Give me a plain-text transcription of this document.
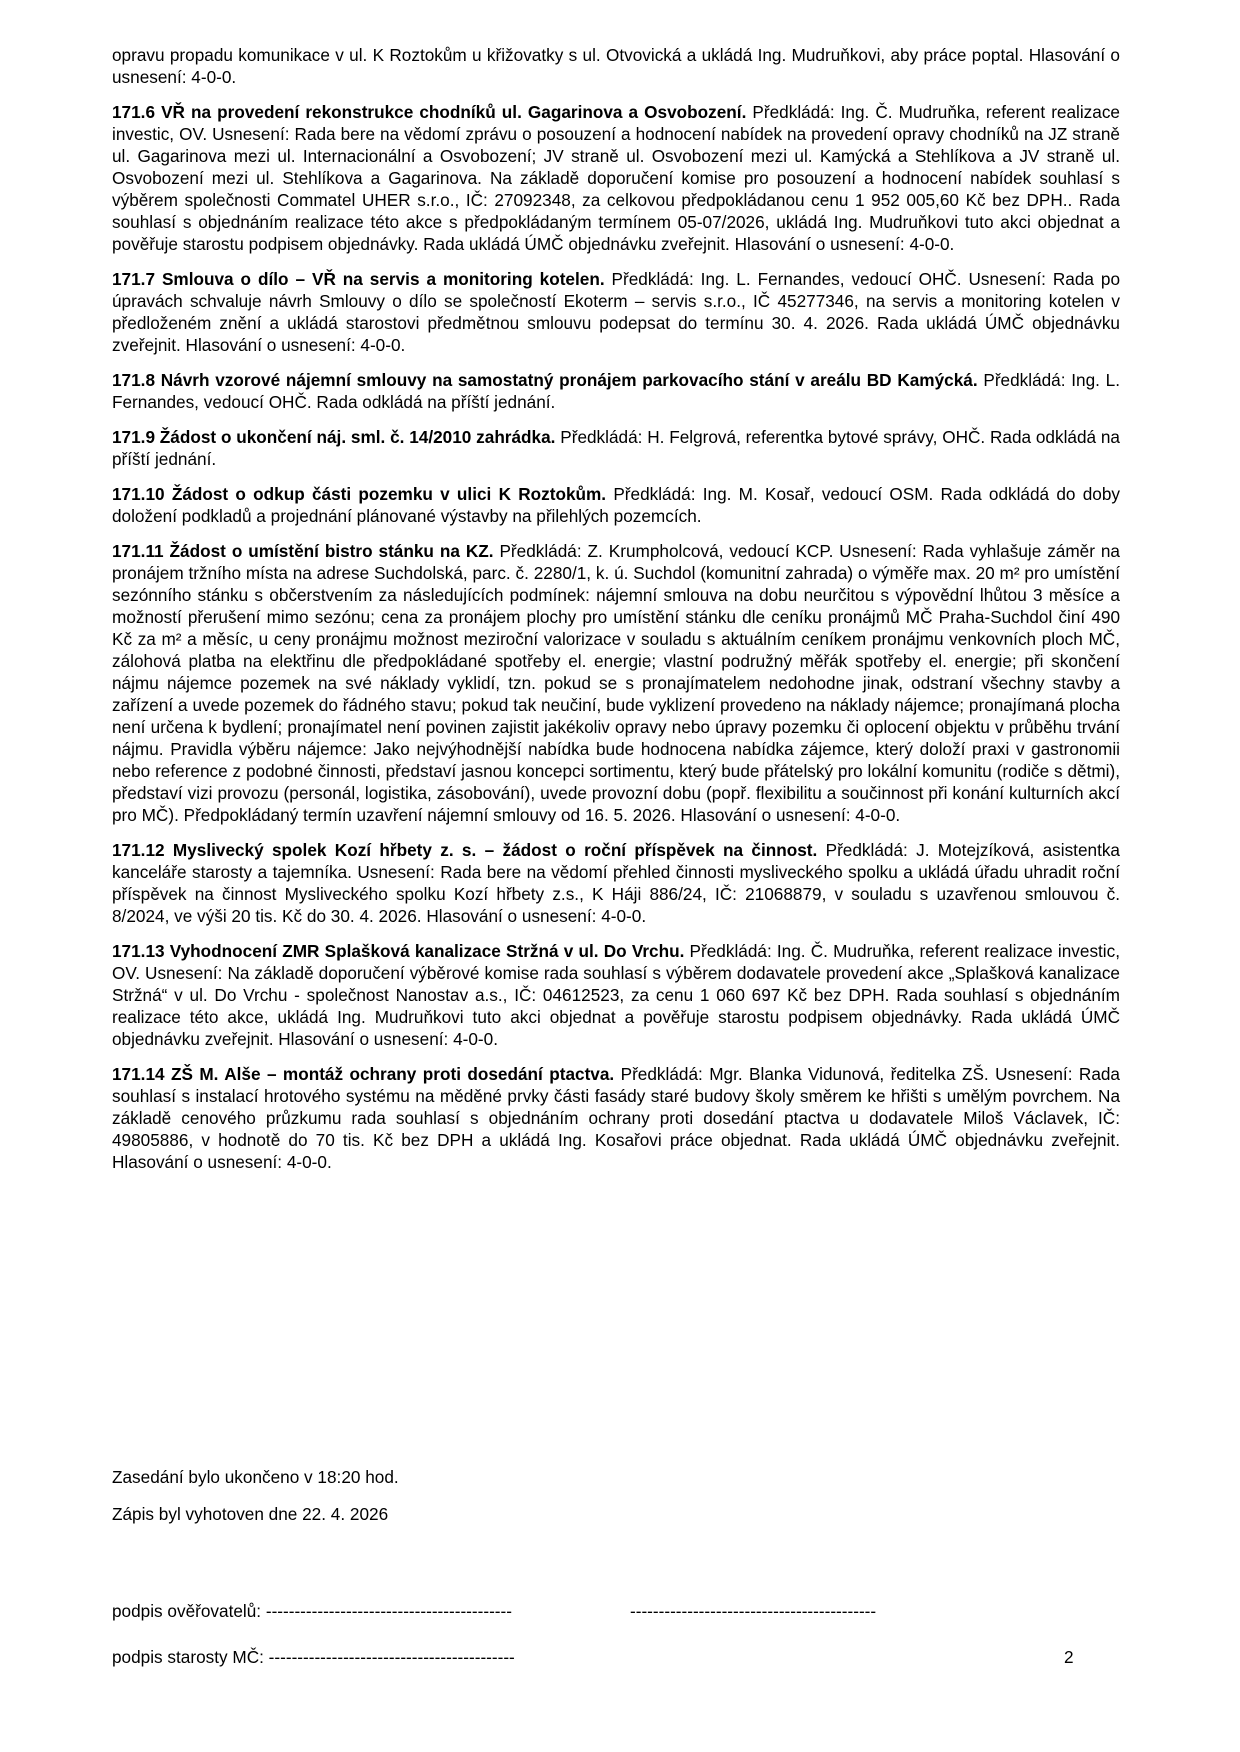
opravu propadu komunikace v ul. K Roztokům u křižovatky s ul. Otvovická a ukládá Ing. Mudruňkovi, aby práce poptal. Hlasování o usnesení: 4-0-0.

171.6 VŘ na provedení rekonstrukce chodníků ul. Gagarinova a Osvobození. Předkládá: Ing. Č. Mudruňka, referent realizace investic, OV. Usnesení: Rada bere na vědomí zprávu o posouzení a hodnocení nabídek na provedení opravy chodníků na JZ straně ul. Gagarinova mezi ul. Internacionální a Osvobození; JV straně ul. Osvobození mezi ul. Kamýcká a Stehlíkova a JV straně ul. Osvobození mezi ul. Stehlíkova a Gagarinova. Na základě doporučení komise pro posouzení a hodnocení nabídek souhlasí s výběrem společnosti Commatel UHER s.r.o., IČ: 27092348, za celkovou předpokládanou cenu 1 952 005,60 Kč bez DPH.. Rada souhlasí s objednáním realizace této akce s předpokládaným termínem 05-07/2026, ukládá Ing. Mudruňkovi tuto akci objednat a pověřuje starostu podpisem objednávky. Rada ukládá ÚMČ objednávku zveřejnit. Hlasování o usnesení: 4-0-0.

171.7 Smlouva o dílo – VŘ na servis a monitoring kotelen. Předkládá: Ing. L. Fernandes, vedoucí OHČ. Usnesení: Rada po úpravách schvaluje návrh Smlouvy o dílo se společností Ekoterm – servis s.r.o., IČ 45277346, na servis a monitoring kotelen v předloženém znění a ukládá starostovi předmětnou smlouvu podepsat do termínu 30. 4. 2026. Rada ukládá ÚMČ objednávku zveřejnit. Hlasování o usnesení: 4-0-0.

171.8 Návrh vzorové nájemní smlouvy na samostatný pronájem parkovacího stání v areálu BD Kamýcká. Předkládá: Ing. L. Fernandes, vedoucí OHČ. Rada odkládá na příští jednání.

171.9 Žádost o ukončení náj. sml. č. 14/2010 zahrádka. Předkládá: H. Felgrová, referentka bytové správy, OHČ. Rada odkládá na příští jednání.

171.10 Žádost o odkup části pozemku v ulici K Roztokům. Předkládá: Ing. M. Kosař, vedoucí OSM. Rada odkládá do doby doložení podkladů a projednání plánované výstavby na přilehlých pozemcích.

171.11 Žádost o umístění bistro stánku na KZ. Předkládá: Z. Krumpholcová, vedoucí KCP. Usnesení: Rada vyhlašuje záměr na pronájem tržního místa na adrese Suchdolská, parc. č. 2280/1, k. ú. Suchdol (komunitní zahrada) o výměře max. 20 m² pro umístění sezónního stánku s občerstvením za následujících podmínek: nájemní smlouva na dobu neurčitou s výpovědní lhůtou 3 měsíce a možností přerušení mimo sezónu; cena za pronájem plochy pro umístění stánku dle ceníku pronájmů MČ Praha-Suchdol činí 490 Kč za m² a měsíc, u ceny pronájmu možnost meziroční valorizace v souladu s aktuálním ceníkem pronájmu venkovních ploch MČ, zálohová platba na elektřinu dle předpokládané spotřeby el. energie; vlastní podružný měřák spotřeby el. energie; při skončení nájmu nájemce pozemek na své náklady vyklidí, tzn. pokud se s pronajímatelem nedohodne jinak, odstraní všechny stavby a zařízení a uvede pozemek do řádného stavu; pokud tak neučiní, bude vyklizení provedeno na náklady nájemce; pronajímaná plocha není určena k bydlení; pronajímatel není povinen zajistit jakékoliv opravy nebo úpravy pozemku či oplocení objektu v průběhu trvání nájmu. Pravidla výběru nájemce: Jako nejvýhodnější nabídka bude hodnocena nabídka zájemce, který doloží praxi v gastronomii nebo reference z podobné činnosti, představí jasnou koncepci sortimentu, který bude přátelský pro lokální komunitu (rodiče s dětmi), představí vizi provozu (personál, logistika, zásobování), uvede provozní dobu (popř. flexibilitu a součinnost při konání kulturních akcí pro MČ). Předpokládaný termín uzavření nájemní smlouvy od 16. 5. 2026. Hlasování o usnesení: 4-0-0.

171.12 Myslivecký spolek Kozí hřbety z. s. – žádost o roční příspěvek na činnost. Předkládá: J. Motejzíková, asistentka kanceláře starosty a tajemníka. Usnesení: Rada bere na vědomí přehled činnosti mysliveckého spolku a ukládá úřadu uhradit roční příspěvek na činnost Mysliveckého spolku Kozí hřbety z.s., K Háji 886/24, IČ: 21068879, v souladu s uzavřenou smlouvou č. 8/2024, ve výši 20 tis. Kč do 30. 4. 2026. Hlasování o usnesení: 4-0-0.

171.13 Vyhodnocení ZMR Splašková kanalizace Stržná v ul. Do Vrchu. Předkládá: Ing. Č. Mudruňka, referent realizace investic, OV. Usnesení: Na základě doporučení výběrové komise rada souhlasí s výběrem dodavatele provedení akce „Splašková kanalizace Stržná“ v ul. Do Vrchu - společnost Nanostav a.s., IČ: 04612523, za cenu 1 060 697 Kč bez DPH. Rada souhlasí s objednáním realizace této akce, ukládá Ing. Mudruňkovi tuto akci objednat a pověřuje starostu podpisem objednávky. Rada ukládá ÚMČ objednávku zveřejnit. Hlasování o usnesení: 4-0-0.

171.14 ZŠ M. Alše – montáž ochrany proti dosedání ptactva. Předkládá: Mgr. Blanka Vidunová, ředitelka ZŠ. Usnesení: Rada souhlasí s instalací hrotového systému na měděné prvky části fasády staré budovy školy směrem ke hřišti s umělým povrchem. Na základě cenového průzkumu rada souhlasí s objednáním ochrany proti dosedání ptactva u dodavatele Miloš Václavek, IČ: 49805886, v hodnotě do 70 tis. Kč bez DPH a ukládá Ing. Kosařovi práce objednat. Rada ukládá ÚMČ objednávku zveřejnit. Hlasování o usnesení: 4-0-0.

Zasedání bylo ukončeno v 18:20 hod.
Zápis byl vyhotoven dne 22. 4. 2026
podpis ověřovatelů: -------------------------------------------	-------------------------------------------
podpis starosty MČ: -------------------------------------------	2
